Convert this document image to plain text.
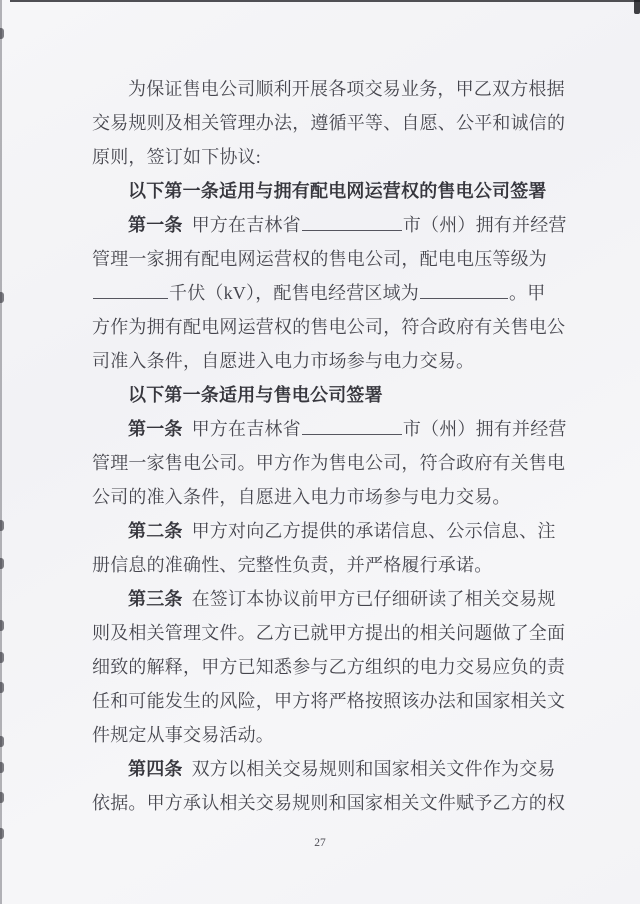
为保证售电公司顺利开展各项交易业务，甲乙双方根据
交易规则及相关管理办法，遵循平等、自愿、公平和诚信的
原则，签订如下协议:
以下第一条适用与拥有配电网运营权的售电公司签署
第一条 甲方在吉林省	市（州）拥有并经营
管理一家拥有配电网运营权的售电公司，配电电压等级为
千伏（kV），配售电经营区域为	。甲
方作为拥有配电网运营权的售电公司，符合政府有关售电公
司准入条件，自愿进入电力市场参与电力交易。
以下第一条适用与售电公司签署
第一条 甲方在吉林省	市（州）拥有并经营
管理一家售电公司。甲方作为售电公司，符合政府有关售电
公司的准入条件，自愿进入电力市场参与电力交易。
第二条 甲方对向乙方提供的承诺信息、公示信息、注
册信息的准确性、完整性负责，并严格履行承诺。
第三条 在签订本协议前甲方已仔细研读了相关交易规
则及相关管理文件。乙方已就甲方提出的相关问题做了全面
细致的解释，甲方已知悉参与乙方组织的电力交易应负的责
任和可能发生的风险，甲方将严格按照该办法和国家相关文
件规定从事交易活动。
第四条 双方以相关交易规则和国家相关文件作为交易
依据。甲方承认相关交易规则和国家相关文件赋予乙方的权
27
